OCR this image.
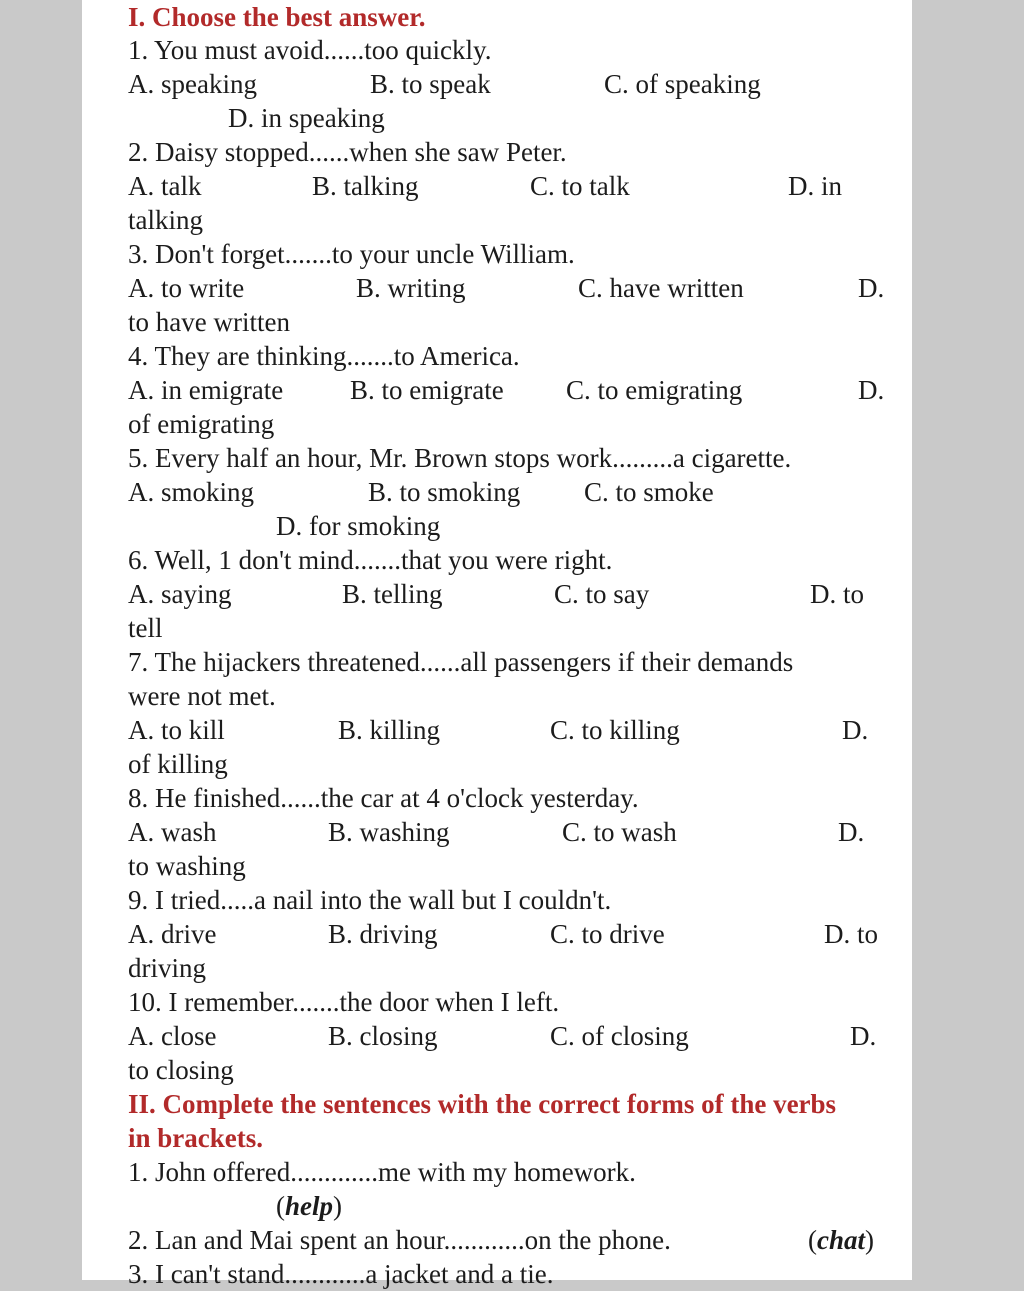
I. Choose the best answer.
1. You must avoid......too quickly.
A. speaking	B. to speak	C. of speaking
D. in speaking
2. Daisy stopped......when she saw Peter.
A. talk	B. talking	C. to talk	D. in
talking
3. Don't forget.......to your uncle William.
A. to write	B. writing	C. have written	D.
to have written
4. They are thinking.......to America.
A. in emigrate B. to emigrate C. to emigrating	D.
of emigrating
5. Every half an hour, Mr. Brown stops work.........a cigarette.
A. smoking	B. to smoking C. to smoke
D. for smoking
6. Well, 1 don't mind.......that you were right.
A. saying	B. telling	C. to say	D. to
tell
7. The hijackers threatened......all passengers if their demands
were not met.
A. to kill	B. killing	C. to killing	D.
of killing
8. He finished......the car at 4 o'clock yesterday.
A. wash	B. washing	C. to wash	D.
to washing
9. I tried.....a nail into the wall but I couldn't.
A. drive	B. driving	C. to drive	D. to
driving
10. I remember.......the door when I left.
A. close	B. closing	C. of closing	D.
to closing
II. Complete the sentences with the correct forms of the verbs
in brackets.
1. John offered.............me with my homework.
(help)
2. Lan and Mai spent an hour............on the phone.	(chat)
3. I can't stand............a jacket and a tie.
